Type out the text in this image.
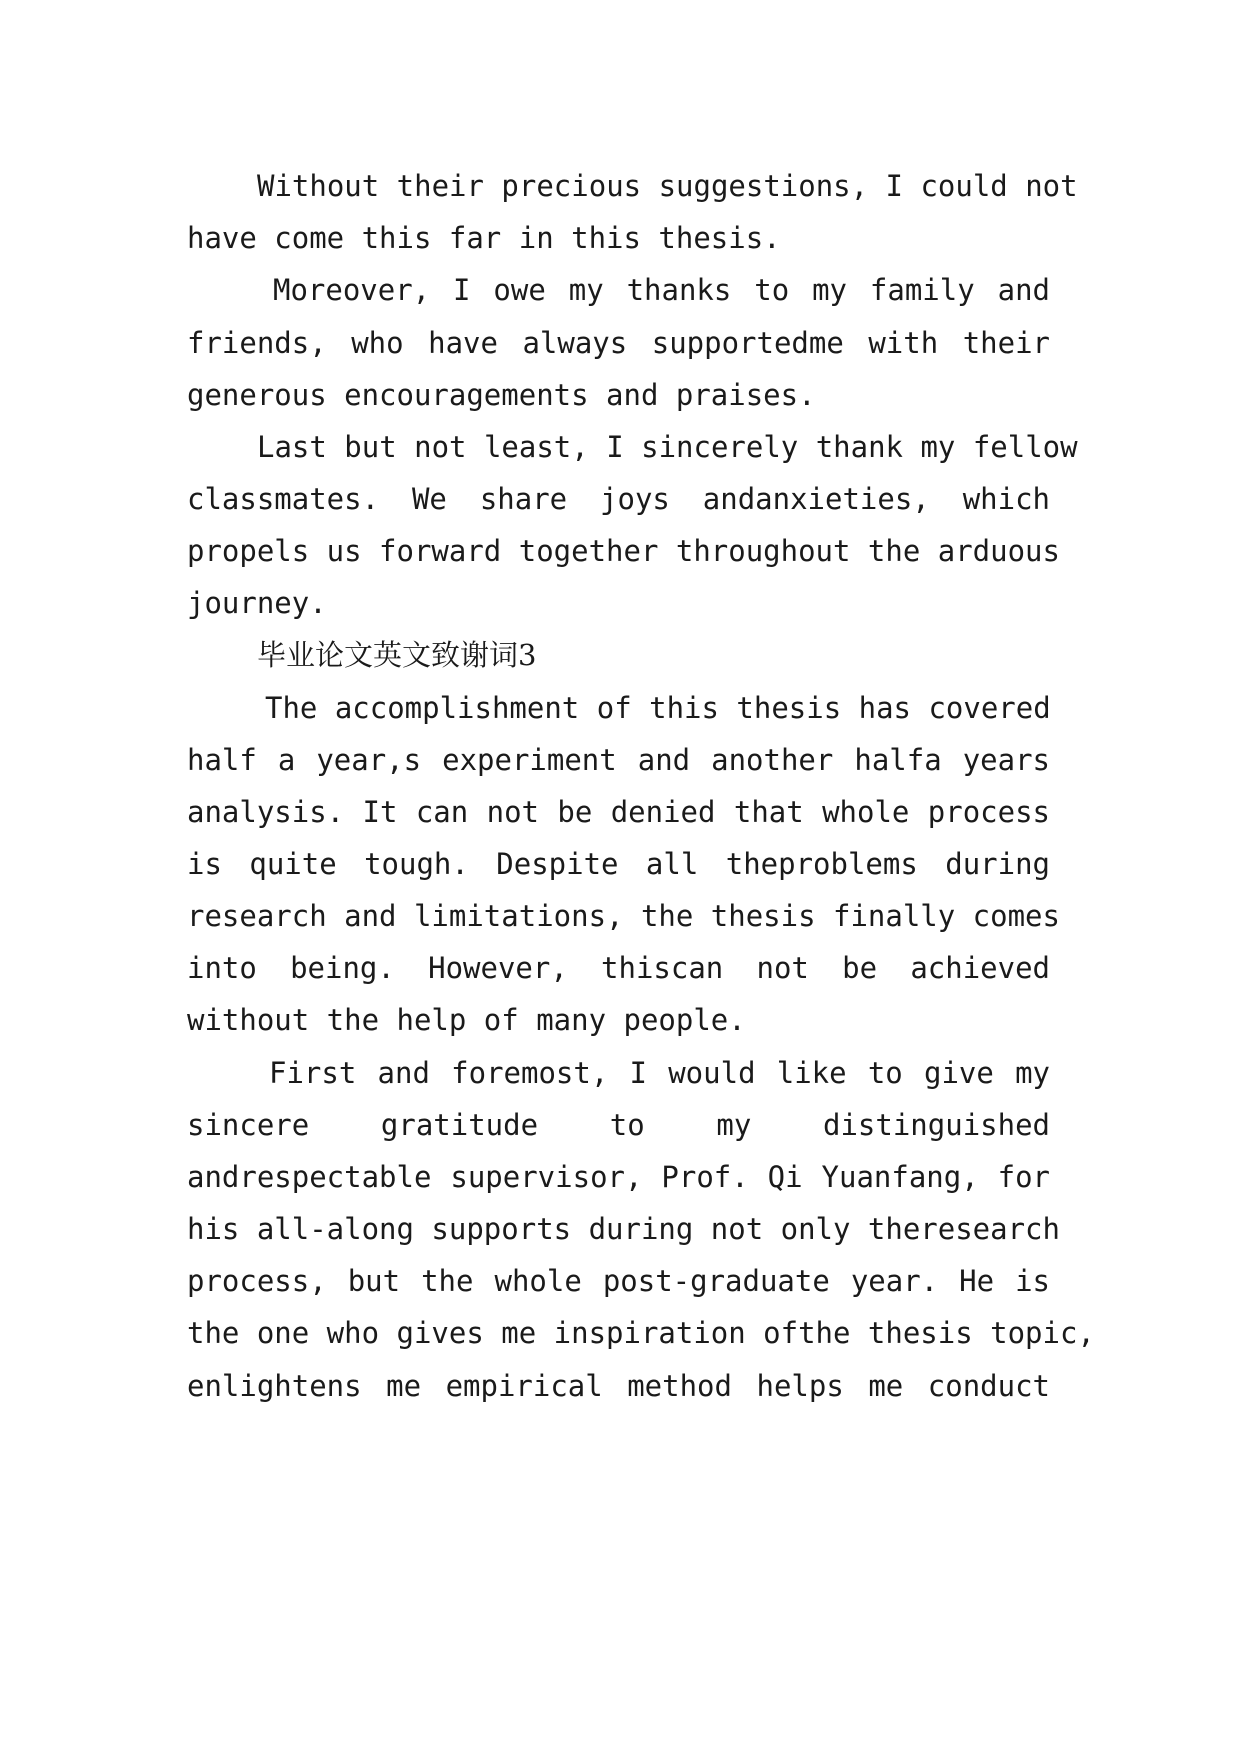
Without their precious suggestions, I could not
have come this far in this thesis.
Moreover, I owe my thanks to my family and
friends, who have always supportedme with their
generous encouragements and praises.
Last but not least, I sincerely thank my fellow
classmates. We share joys andanxieties, which
propels us forward together throughout the arduous
journey.
毕业论文英文致谢词3
The accomplishment of this thesis has covered
half a year,s experiment and another halfa years
analysis. It can not be denied that whole process
is quite tough. Despite all theproblems during
research and limitations, the thesis finally comes
into being. However, thiscan not be achieved
without the help of many people.
First and foremost, I would like to give my
sincere gratitude to my distinguished
andrespectable supervisor, Prof. Qi Yuanfang, for
his all-along supports during not only theresearch
process, but the whole post-graduate year. He is
the one who gives me inspiration ofthe thesis topic,
enlightens me empirical method helps me conduct
